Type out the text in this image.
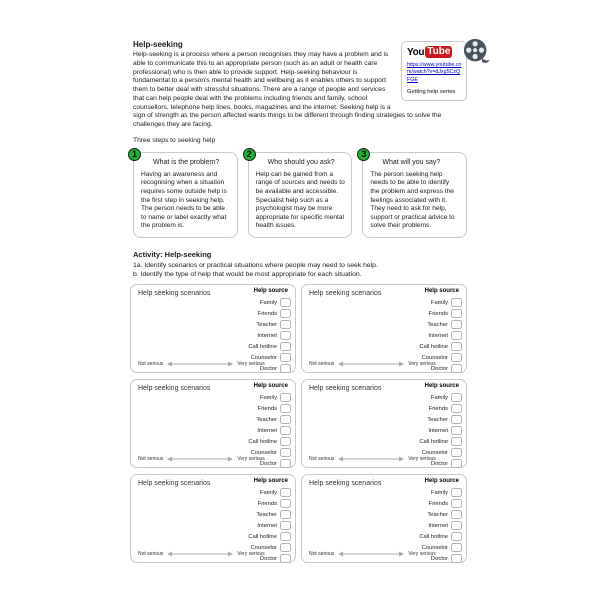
You Tube
https://www.youtube.com/watch?v=dJxg5CzQFGE
Getting help series
Help-seeking

Help-seeking is a process where a person recognises they may have a problem and is able to communicate this to an appropriate person (such as an adult or health care professional) who is then able to provide support. Help-seeking behaviour is fundamental to a person's mental health and wellbeing as it enables others to support them to better deal with stressful situations. There are a range of people and services that can help people deal with the problems including friends and family, school counsellors, telephone help lines, books, magazines and the internet. Seeking help is a sign of strength as the person affected wants things to be different through finding strategies to solve the challenges they are facing.

Three steps to seeking help

1
What is the problem?
Having an awareness and recognising when a situation requires some outside help is the first step in seeking help. The person needs to be able to name or label exactly what the problem is.
2
Who should you ask?
Help can be gained from a range of sources and needs to be available and accessible. Specialist help such as a psychologist may be more appropriate for specific mental health issues.
3
What will you say?
The person seeking help needs to be able to identify the problem and express the feelings associated with it. They need to ask for help, support or practical advice to solve their problems.
Activity: Help-seeking

1a. Identify scenarios or practical situations where people may need to seek help.

b. Identify the type of help that would be most appropriate for each situation.

Help seeking scenarios	Help source
Family
Friends
Teacher
Internet
Call hotline
Counselor
Doctor
Not serious	Very serious
Help seeking scenarios	Help source
Family
Friends
Teacher
Internet
Call hotline
Counselor
Doctor
Not serious	Very serious
Help seeking scenarios	Help source
Family
Friends
Teacher
Internet
Call hotline
Counselor
Doctor
Not serious	Very serious
Help seeking scenarios	Help source
Family
Friends
Teacher
Internet
Call hotline
Counselor
Doctor
Not serious	Very serious
Help seeking scenarios	Help source
Family
Friends
Teacher
Internet
Call hotline
Counselor
Doctor
Not serious	Very serious
Help seeking scenarios	Help source
Family
Friends
Teacher
Internet
Call hotline
Counselor
Doctor
Not serious	Very serious
